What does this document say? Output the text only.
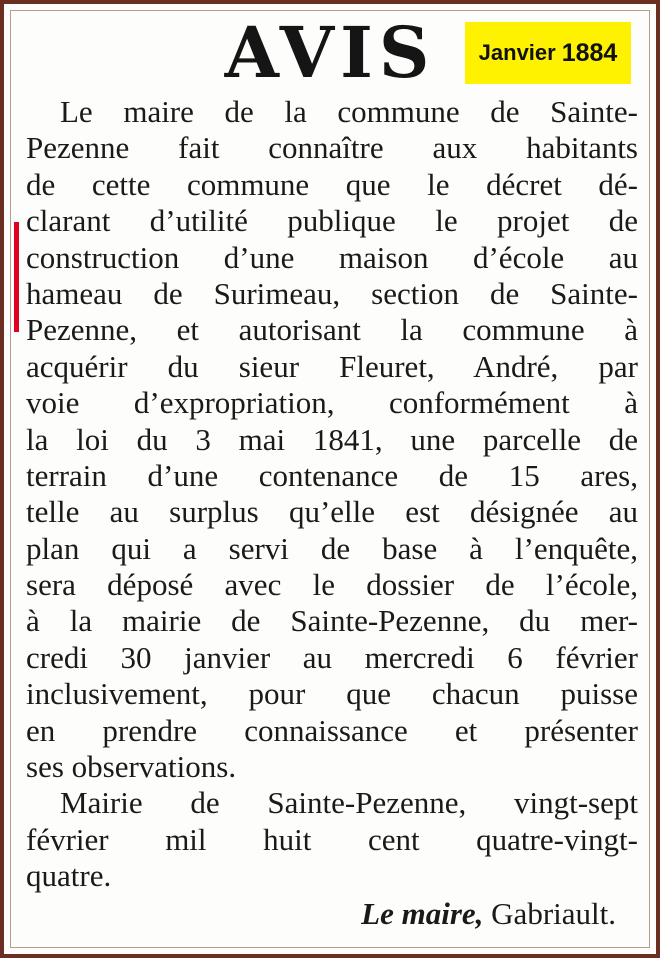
AVIS	Janvier 1884
Le maire de la commune de Sainte-
Pezenne fait connaître aux habitants
de cette commune que le décret dé-
clarant d’utilité publique le projet de
construction d’une maison d’école au
hameau de Surimeau, section de Sainte-
Pezenne, et autorisant la commune à
acquérir du sieur Fleuret, André, par
voie d’expropriation, conformément à
la loi du 3 mai 1841, une parcelle de
terrain d’une contenance de 15 ares,
telle au surplus qu’elle est désignée au
plan qui a servi de base à l’enquête,
sera déposé avec le dossier de l’école,
à la mairie de Sainte-Pezenne, du mer-
credi 30 janvier au mercredi 6 février
inclusivement, pour que chacun puisse
en prendre connaissance et présenter
ses observations.
Mairie de Sainte-Pezenne, vingt-sept
février mil huit cent quatre-vingt-
quatre.
Le maire, Gabriault.
